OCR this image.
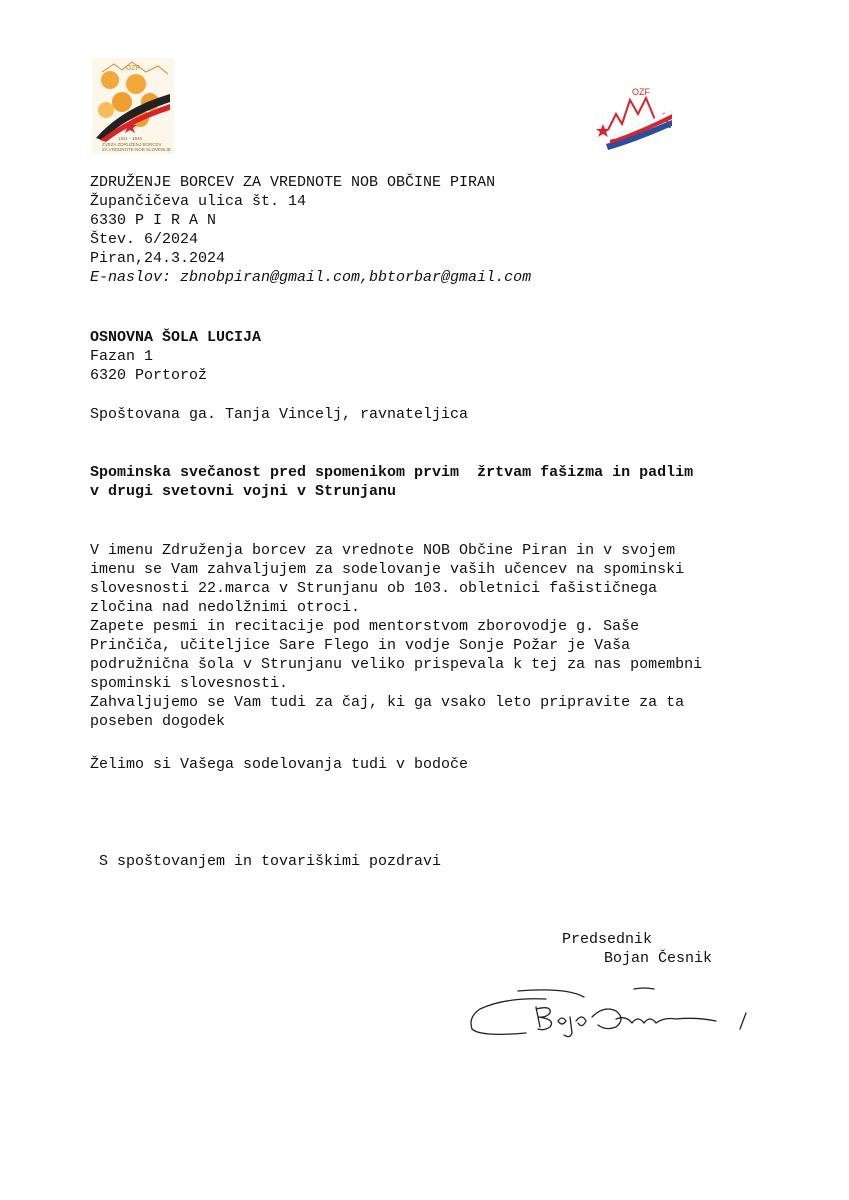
OZF
1941 - 1945
ZVEZA ZDRUŽENJ BORCEV
ZA VREDNOTE NOB SLOVENIJE
OZF
ZDRUŽENJE BORCEV ZA VREDNOTE NOB OBČINE PIRAN
Župančičeva ulica št. 14
6330 P I R A N
Štev. 6/2024
Piran,24.3.2024
E-naslov: zbnobpiran@gmail.com,bbtorbar@gmail.com
OSNOVNA ŠOLA LUCIJA
Fazan 1
6320 Portorož
Spoštovana ga. Tanja Vincelj, ravnateljica
Spominska svečanost pred spomenikom prvim  žrtvam fašizma in padlim
v drugi svetovni vojni v Strunjanu
V imenu Združenja borcev za vrednote NOB Občine Piran in v svojem
imenu se Vam zahvaljujem za sodelovanje vaših učencev na spominski
slovesnosti 22.marca v Strunjanu ob 103. obletnici fašističnega
zločina nad nedolžnimi otroci.
Zapete pesmi in recitacije pod mentorstvom zborovodje g. Saše
Prinčiča, učiteljice Sare Flego in vodje Sonje Požar je Vaša
podružnična šola v Strunjanu veliko prispevala k tej za nas pomembni
spominski slovesnosti.
Zahvaljujemo se Vam tudi za čaj, ki ga vsako leto pripravite za ta
poseben dogodek
Želimo si Vašega sodelovanja tudi v bodoče
S spoštovanjem in tovariškimi pozdravi
Predsednik
Bojan Česnik
